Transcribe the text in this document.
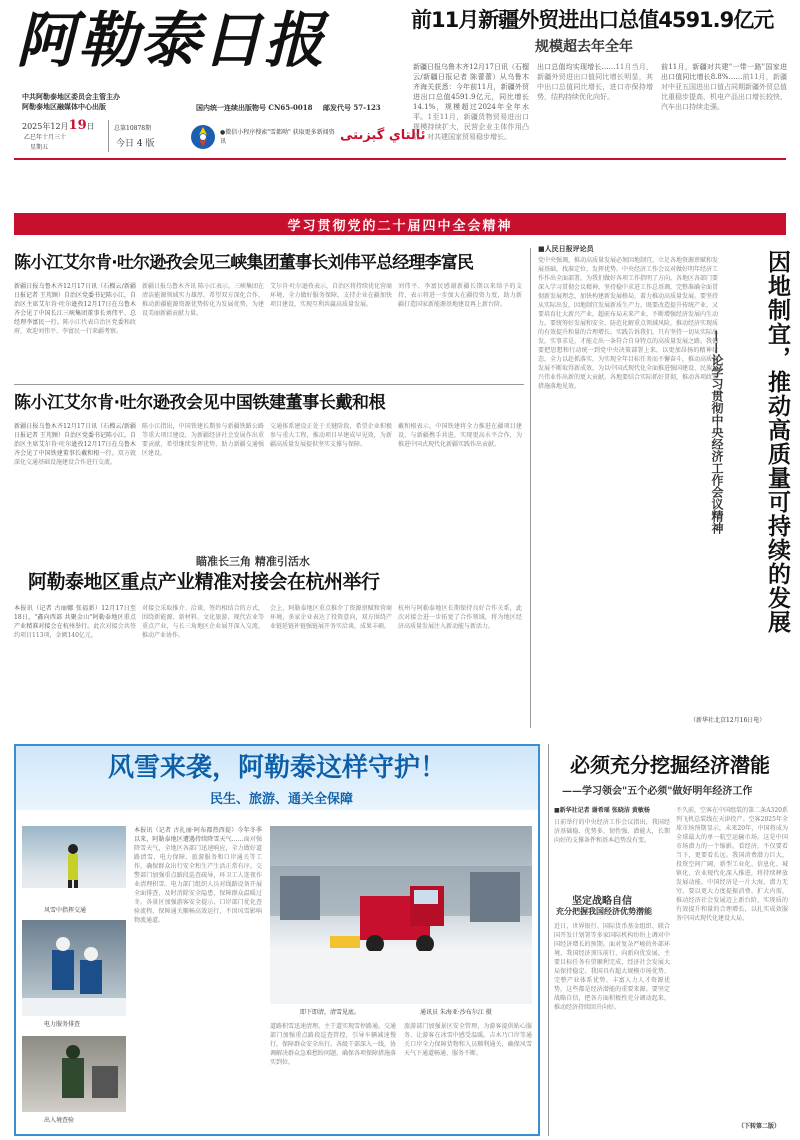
阿勒泰日报
中共阿勒泰地区委员会主管主办
阿勒泰地区融媒体中心出版
2025年12月19日
乙巳年十月三十
星期五
总第10878期
今日 4 版
国内统一连续出版物号 CN65-0018 邮发代号 57-123
●微信小程序搜索"雪都呦" 获取更多新闻资讯	ئالتاي گېزىتى
前11月新疆外贸进出口总值4591.9亿元
规模超去年全年
新疆日报乌鲁木齐12月17日讯（石榴云/新疆日报记者 陈蕾蕾）从乌鲁木齐海关获悉：今年前11月，新疆外贸进出口总值4591.9亿元，同比增长14.1%，规模超过2024年全年水平。1至11月，新疆货物贸易进出口规模持续扩大，民营企业主体作用凸显，对共建国家贸易稳步增长。
出口总值均实现增长……11月当月，新疆外贸进出口值同比增长明显，其中出口总值同比增长，进口亦保持增势，结构持续优化向好。
前11月，新疆对共建"一带一路"国家进出口值同比增长8.8%……前11月，新疆对中亚五国进出口值占同期新疆外贸总值比重稳步提高，机电产品出口增长较快，汽车出口持续走强。
学习贯彻党的二十届四中全会精神
陈小江艾尔肯·吐尔逊孜会见三峡集团董事长刘伟平总经理李富民
新疆日报乌鲁木齐12月17日讯（石榴云/新疆日报记者 王芃顾）自治区党委书记陈小江，自治区主席艾尔肯·吐尔逊孜12月17日在乌鲁木齐会见了中国长江三峡集团董事长刘伟平、总经理李富民一行。陈小江代表自治区党委和政府，欢迎刘伟平、李富民一行来疆考察。
新疆日报乌鲁木齐讯 陈小江表示，三峡集团在清洁能源领域实力雄厚，希望双方深化合作，推动新疆能源资源优势转化为发展优势，为建设美丽新疆贡献力量。
艾尔肯·吐尔逊孜表示，自治区将持续优化营商环境，全力做好服务保障，支持企业在疆加快项目建设，实现互利共赢高质量发展。
刘伟平、李富民感谢新疆长期以来给予的支持，表示将进一步加大在疆投资力度，助力新疆打造国家新能源基地建设再上新台阶。
陈小江艾尔肯·吐尔逊孜会见中国铁建董事长戴和根
新疆日报乌鲁木齐12月17日讯（石榴云/新疆日报记者 王芃顾）自治区党委书记陈小江，自治区主席艾尔肯·吐尔逊孜12月17日在乌鲁木齐会见了中国铁建董事长戴和根一行。双方就深化交通基础设施建设合作进行交流。
陈小江指出，中国铁建长期参与新疆铁路公路等重大项目建设，为新疆经济社会发展作出重要贡献，希望继续发挥优势，助力新疆交通强区建设。
交通体系建设正处于关键阶段，希望企业积极参与重大工程，推动项目早建成早见效，为新疆高质量发展提供坚实支撑与保障。
戴和根表示，中国铁建将全力推进在疆项目建设，与新疆携手共进，实现更高水平合作，为推进中国式现代化新疆实践作出贡献。
瞄准长三角 精准引活水
阿勒泰地区重点产业精准对接会在杭州举行
本报讯（记者 古丽娜 张福新）12月17日至18日，"鑫向西部 共聚金山"阿勒泰地区重点产业精准对接会在杭州举行。此次对接会共签约项目113项，金额140亿元。
对接会采取推介、洽谈、签约相结合的方式，围绕新能源、新材料、文化旅游、现代农业等重点产业，与长三角地区企业展开深入交流，推动产业协作。
会上，阿勒泰地区重点推介了资源禀赋和营商环境，多家企业表达了投资意向，双方围绕产业链延链补链强链展开务实洽谈，成果丰硕。
杭州与阿勒泰地区长期保持良好合作关系，此次对接会进一步拓宽了合作领域，将为地区经济高质量发展注入新动能与新活力。
■人民日报评论员
党中央强调，推动高质量发展必须因地制宜，立足各地资源禀赋和发展基础，找准定位、发挥优势。中央经济工作会议对做好明年经济工作作出全面部署，为我们做好各项工作指明了方向。各地区各部门要深入学习贯彻会议精神，坚持稳中求进工作总基调，完整准确全面贯彻新发展理念，加快构建新发展格局，着力推动高质量发展。要坚持从实际出发，因地制宜发展新质生产力，既要改造提升传统产业，又要培育壮大新兴产业，超前布局未来产业，不断增强经济发展内生动力。要统筹好发展和安全，防范化解重点领域风险，推动经济实现质的有效提升和量的合理增长。实践告诉我们，只有坚持一切从实际出发，实事求是，才能走出一条符合自身特点的高质量发展之路。我们要把思想和行动统一到党中央决策部署上来，以更加昂扬的精神状态，全力以赴抓落实，为实现全年目标任务而不懈奋斗，推动高质量发展不断取得新成效，为以中国式现代化全面推进强国建设、民族复兴伟业作出新的更大贡献。各地要结合实际抓好贯彻，推动各项政策措施落地见效。	因地制宜，推动高质量可持续的发展
——论学习贯彻中央经济工作会议精神
（新华社北京12月16日电）
风雪来袭，阿勒泰这样守护！
民生、旅游、通关全保障
风雪中指挥交通
电力服务排查
出入境查验
本报讯（记者 古扎丽·阿布都热西提）今年冬季以来，阿勒泰地区遭遇持续降雪天气……面对强降雪天气，全地区各部门迅速响应，全力做好道路清雪、电力保障、旅游服务和口岸通关等工作，确保群众出行安全和生产生活正常有序。交警部门加强重点路段巡查疏导，环卫工人连夜作业清理积雪。电力部门组织人员对线路设备开展全面排查，及时消除安全隐患，保障群众温暖过冬。各景区加强游客安全提示，口岸部门优化查验流程，保障通关顺畅高效运行，不因风雪影响物流通道。
即下即清，清雪见底。	通讯员 朱海亚·沙布尔江 摄
道路积雪迅速清理，主干道实现雪停路通。交通部门加强重点路段巡查管控，引导车辆减速慢行，保障群众安全出行。各级干部深入一线，协调解决群众急难愁盼问题，确保各项保障措施落实到位。
旅游部门加强景区安全管理，为游客提供贴心服务，让游客在冰雪中感受温暖。吉木乃口岸等通关口岸全力保障货物和人员顺利通关，确保风雪天气下通道畅通、服务不断。
必须充分挖掘经济潜能
——学习领会"五个必须"做好明年经济工作
■新华社记者 谢希瑶 张晓洁 黄敏杨
日前举行的中央经济工作会议指出，我国经济基础稳、优势多、韧性强、潜能大，长期向好的支撑条件和基本趋势没有变。
坚定战略自信
充分把握我国经济优势潜能
近日，世界银行、国际货币基金组织、联合国开发计划署等多家国际机构纷纷上调对中国经济增长的预期。面对复杂严峻的外部环境，我国经济顶压前行、向新向优发展，主要目标任务有望顺利完成，经济社会发展大局保持稳定。我国具有超大规模市场优势、完整产业体系优势、丰富人力人才资源优势，这些都是经济潜能的重要来源。要坚定战略自信，把各方面积极性充分调动起来，推动经济持续回升向好。
不久前，空客在中国组装的第二条A320系列飞机总装线在天津投产。空客2025年全球市场预期显示，未来20年，中国将成为全球最大的单一航空运输市场。这是中国市场潜力的一个缩影。看经济，不仅要看当下，更要看长远。我国消费潜力巨大，投资空间广阔，新型工业化、信息化、城镇化、农业现代化深入推进，将持续释放发展动能。中国经济是一片大海，潜力无穷。要以更大力度提振消费、扩大内需，推动经济社会发展迈上新台阶，实现质的有效提升和量的合理增长，以扎实成效服务中国式现代化建设大局。
（下转第二版）
